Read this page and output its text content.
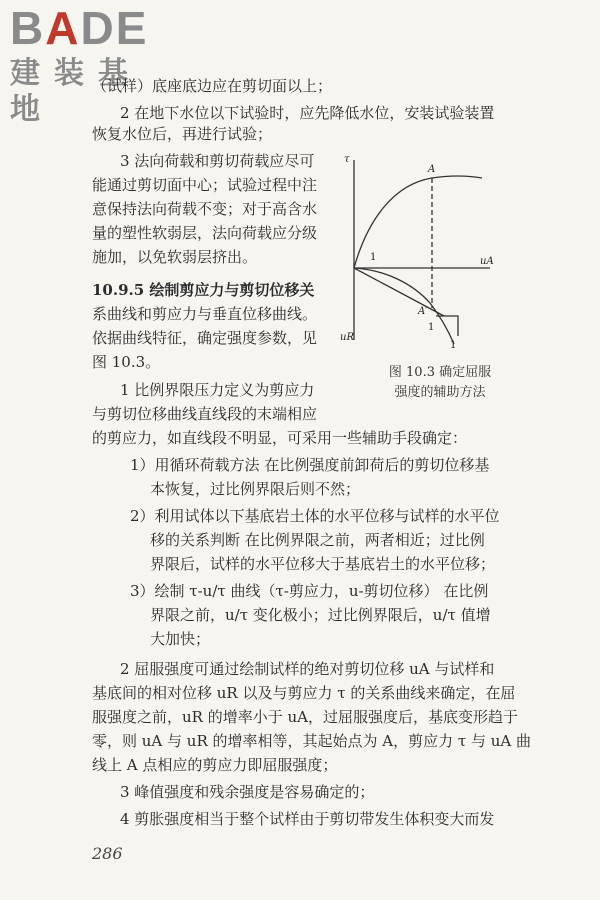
BADE
建装基地
（试样）底座底边应在剪切面以上；
2 在地下水位以下试验时，应先降低水位，安装试验装置
恢复水位后，再进行试验；
3 法向荷载和剪切荷载应尽可
能通过剪切面中心；试验过程中注
意保持法向荷载不变；对于高含水
量的塑性软弱层，法向荷载应分级
施加，以免软弱层挤出。
10.9.5 绘制剪应力与剪切位移关
系曲线和剪应力与垂直位移曲线。
依据曲线特征，确定强度参数，见
图 10.3。
1 比例界限压力定义为剪应力
与剪切位移曲线直线段的末端相应
的剪应力，如直线段不明显，可采用一些辅助手段确定：
1）用循环荷载方法 在比例强度前卸荷后的剪切位移基
本恢复，过比例界限后则不然；
2）利用试体以下基底岩土体的水平位移与试样的水平位
移的关系判断 在比例界限之前，两者相近；过比例
界限后，试样的水平位移大于基底岩土的水平位移；
3）绘制 τ-u/τ 曲线（τ-剪应力，u-剪切位移） 在比例
界限之前，u/τ 变化极小；过比例界限后，u/τ 值增
大加快；
2 屈服强度可通过绘制试样的绝对剪切位移 uA 与试样和
基底间的相对位移 uR 以及与剪应力 τ 的关系曲线来确定，在屈
服强度之前，uR 的增率小于 uA，过屈服强度后，基底变形趋于
零，则 uA 与 uR 的增率相等，其起始点为 A，剪应力 τ 与 uA 曲
线上 A 点相应的剪应力即屈服强度；
3 峰值强度和残余强度是容易确定的；
4 剪胀强度相当于整个试样由于剪切带发生体积变大而发
τ
A
uA
uR
A′
1
1
1
图 10.3 确定屈服
强度的辅助方法
286
